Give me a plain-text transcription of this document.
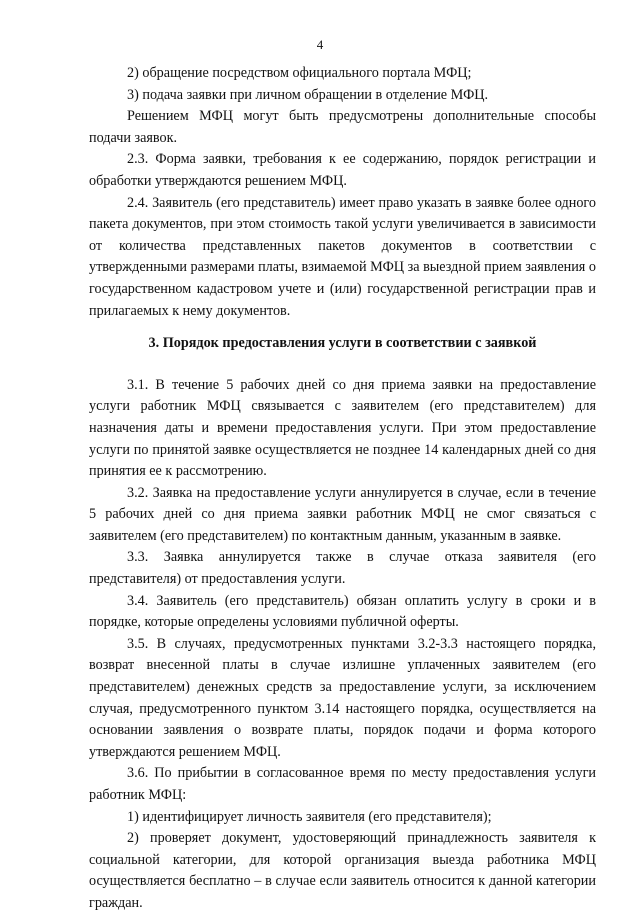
4

2) обращение посредством официального портала МФЦ;

3) подача заявки при личном обращении в отделение МФЦ.

Решением МФЦ могут быть предусмотрены дополнительные способы подачи заявок.

2.3. Форма заявки, требования к ее содержанию, порядок регистрации и обработки утверждаются решением МФЦ.

2.4. Заявитель (его представитель) имеет право указать в заявке более одного пакета документов, при этом стоимость такой услуги увеличивается в зависимости от количества представленных пакетов документов в соответствии с утвержденными размерами платы, взимаемой МФЦ за выездной прием заявления о государственном кадастровом учете и (или) государственной регистрации прав и прилагаемых к нему документов.

3. Порядок предоставления услуги в соответствии с заявкой

3.1. В течение 5 рабочих дней со дня приема заявки на предоставление услуги работник МФЦ связывается с заявителем (его представителем) для назначения даты и времени предоставления услуги. При этом предоставление услуги по принятой заявке осуществляется не позднее 14 календарных дней со дня принятия ее к рассмотрению.

3.2. Заявка на предоставление услуги аннулируется в случае, если в течение 5 рабочих дней со дня приема заявки работник МФЦ не смог связаться с заявителем (его представителем) по контактным данным, указанным в заявке.

3.3. Заявка аннулируется также в случае отказа заявителя (его представителя) от предоставления услуги.

3.4. Заявитель (его представитель) обязан оплатить услугу в сроки и в порядке, которые определены условиями публичной оферты.

3.5. В случаях, предусмотренных пунктами 3.2-3.3 настоящего порядка, возврат внесенной платы в случае излишне уплаченных заявителем (его представителем) денежных средств за предоставление услуги, за исключением случая, предусмотренного пунктом 3.14 настоящего порядка, осуществляется на основании заявления о возврате платы, порядок подачи и форма которого утверждаются решением МФЦ.

3.6. По прибытии в согласованное время по месту предоставления услуги работник МФЦ:

1) идентифицирует личность заявителя (его представителя);

2) проверяет документ, удостоверяющий принадлежность заявителя к социальной категории, для которой организация выезда работника МФЦ осуществляется бесплатно – в случае если заявитель относится к данной категории граждан.
